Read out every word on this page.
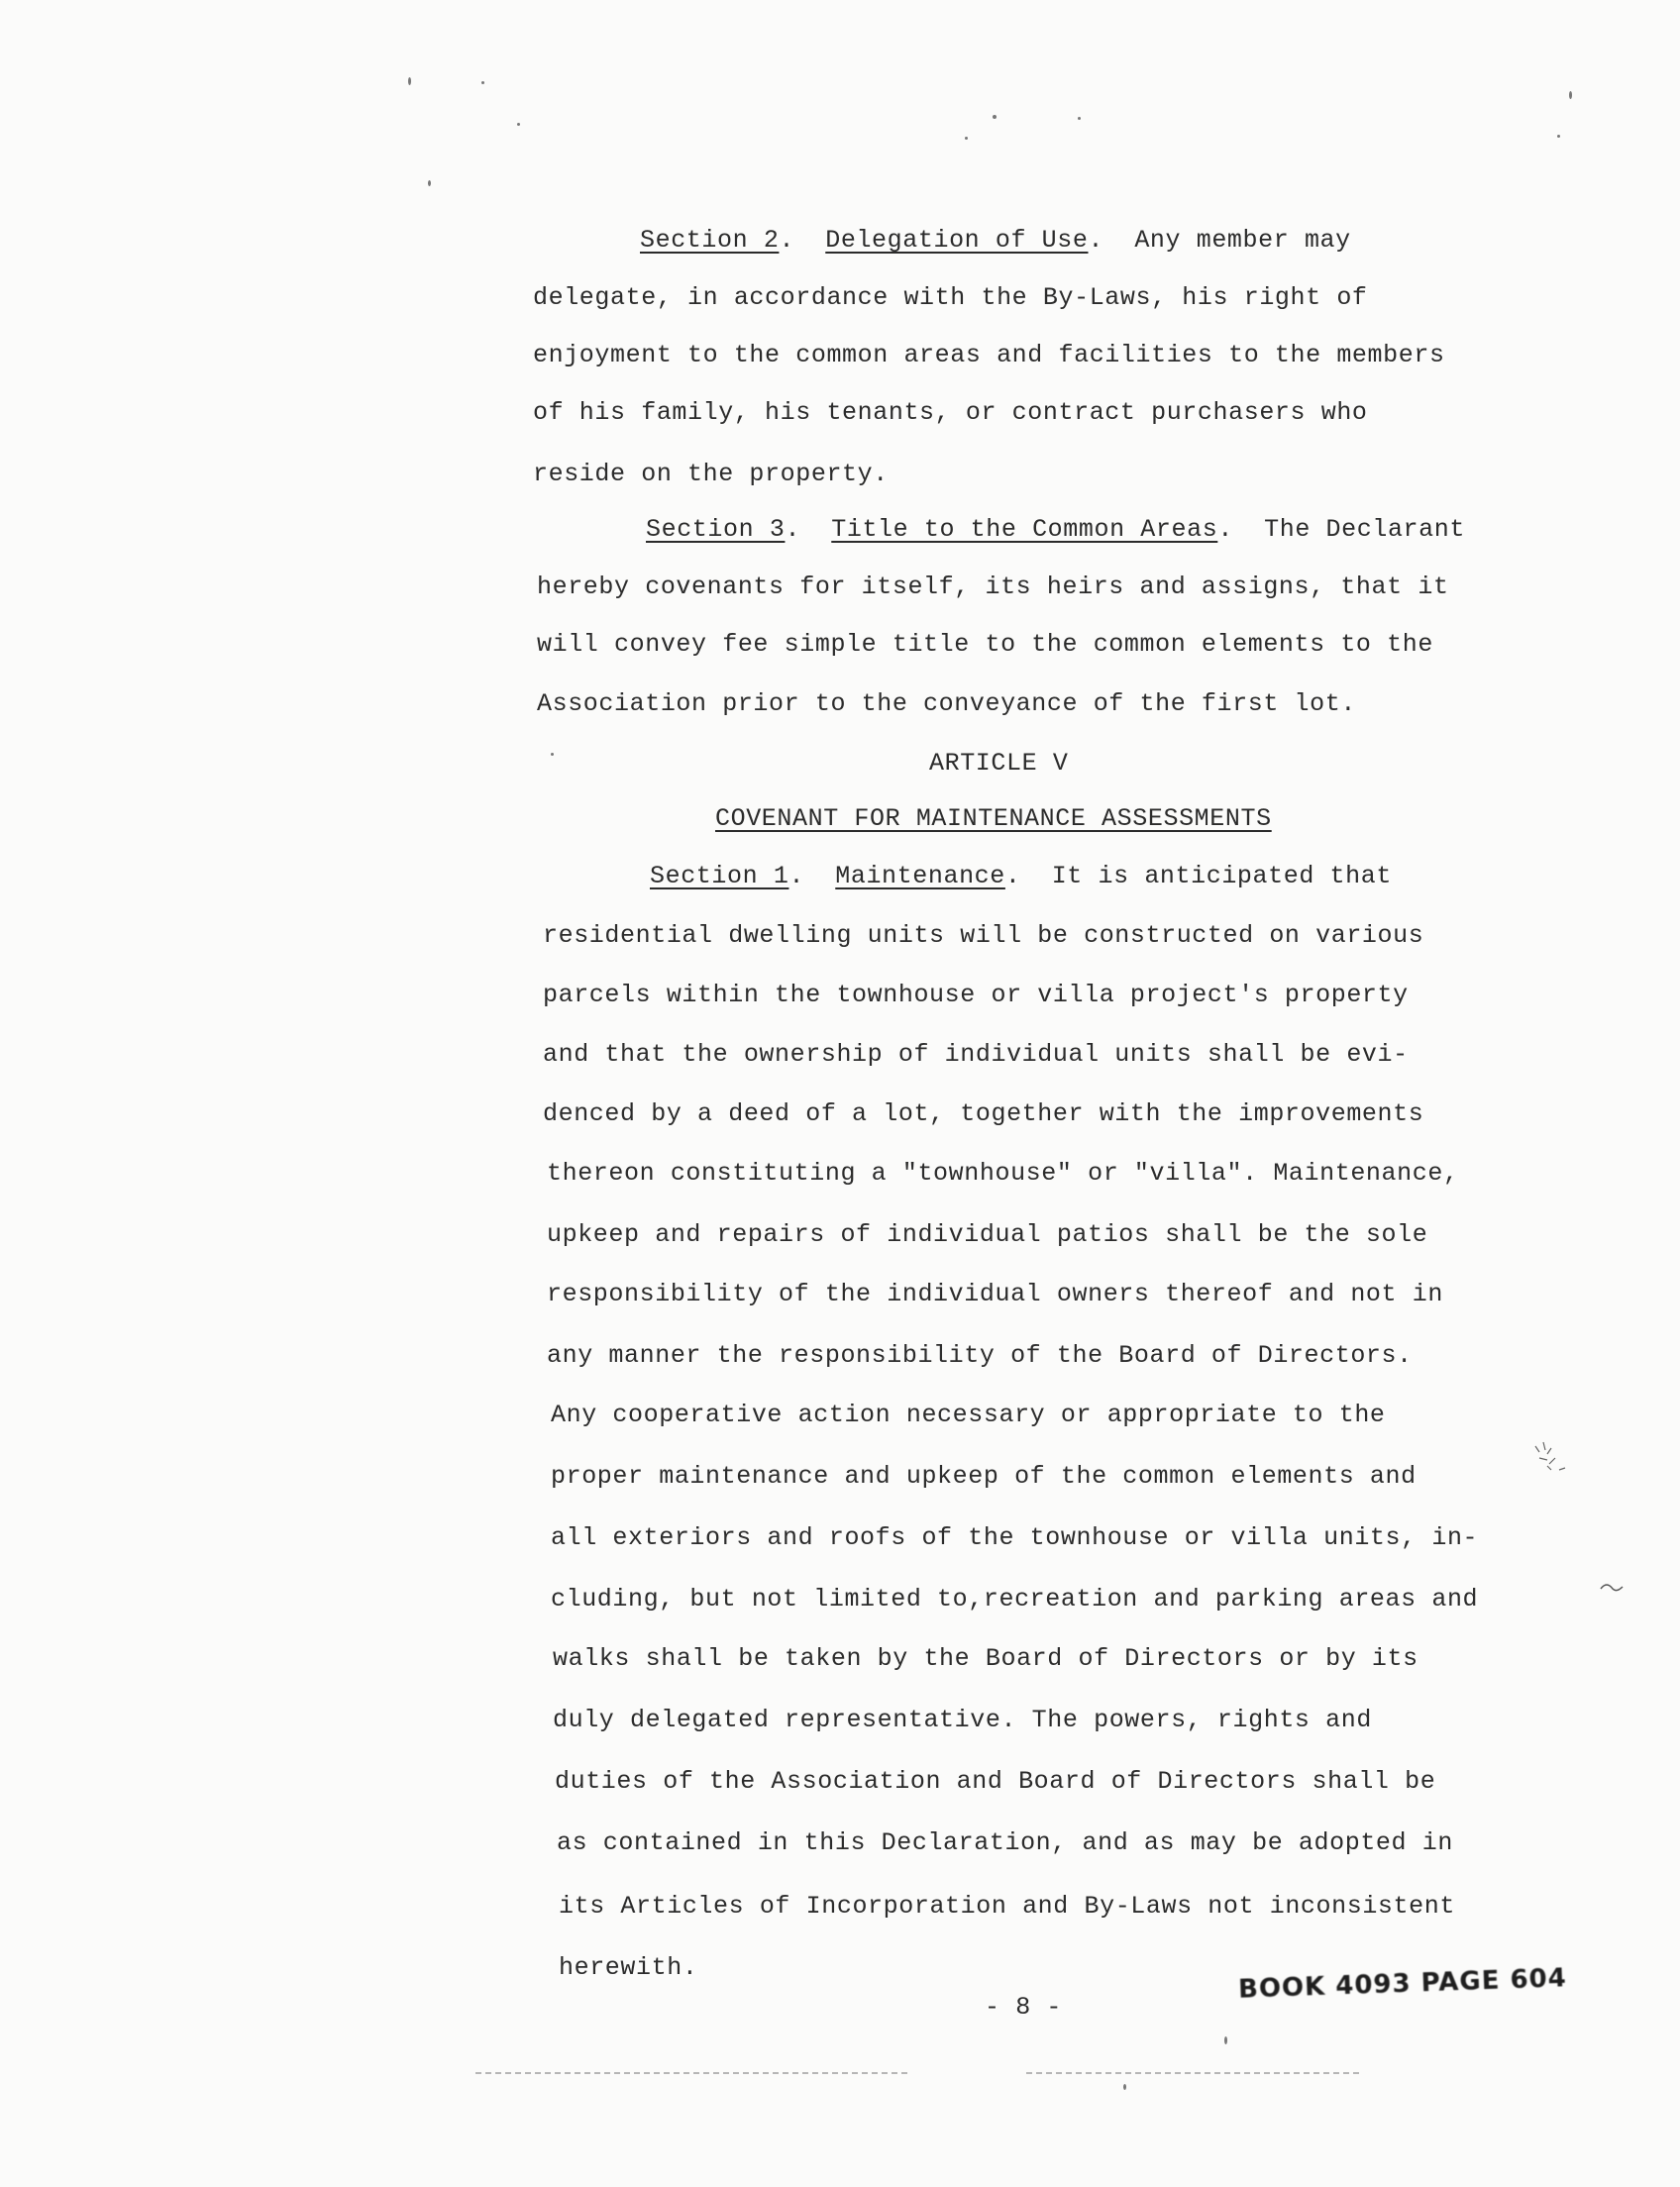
Section 2.  Delegation of Use.  Any member may
delegate, in accordance with the By-Laws, his right of
enjoyment to the common areas and facilities to the members
of his family, his tenants, or contract purchasers who
reside on the property.
Section 3.  Title to the Common Areas.  The Declarant
hereby covenants for itself, its heirs and assigns, that it
will convey fee simple title to the common elements to the
Association prior to the conveyance of the first lot.
ARTICLE V
COVENANT FOR MAINTENANCE ASSESSMENTS
Section 1.  Maintenance.  It is anticipated that
residential dwelling units will be constructed on various
parcels within the townhouse or villa project's property
and that the ownership of individual units shall be evi-
denced by a deed of a lot, together with the improvements
thereon constituting a "townhouse" or "villa". Maintenance,
upkeep and repairs of individual patios shall be the sole
responsibility of the individual owners thereof and not in
any manner the responsibility of the Board of Directors.
Any cooperative action necessary or appropriate to the
proper maintenance and upkeep of the common elements and
all exteriors and roofs of the townhouse or villa units, in-
cluding, but not limited to,recreation and parking areas and
walks shall be taken by the Board of Directors or by its
duly delegated representative. The powers, rights and
duties of the Association and Board of Directors shall be
as contained in this Declaration, and as may be adopted in
its Articles of Incorporation and By-Laws not inconsistent
herewith.
- 8 -
BOOK 4093 PAGE 604
